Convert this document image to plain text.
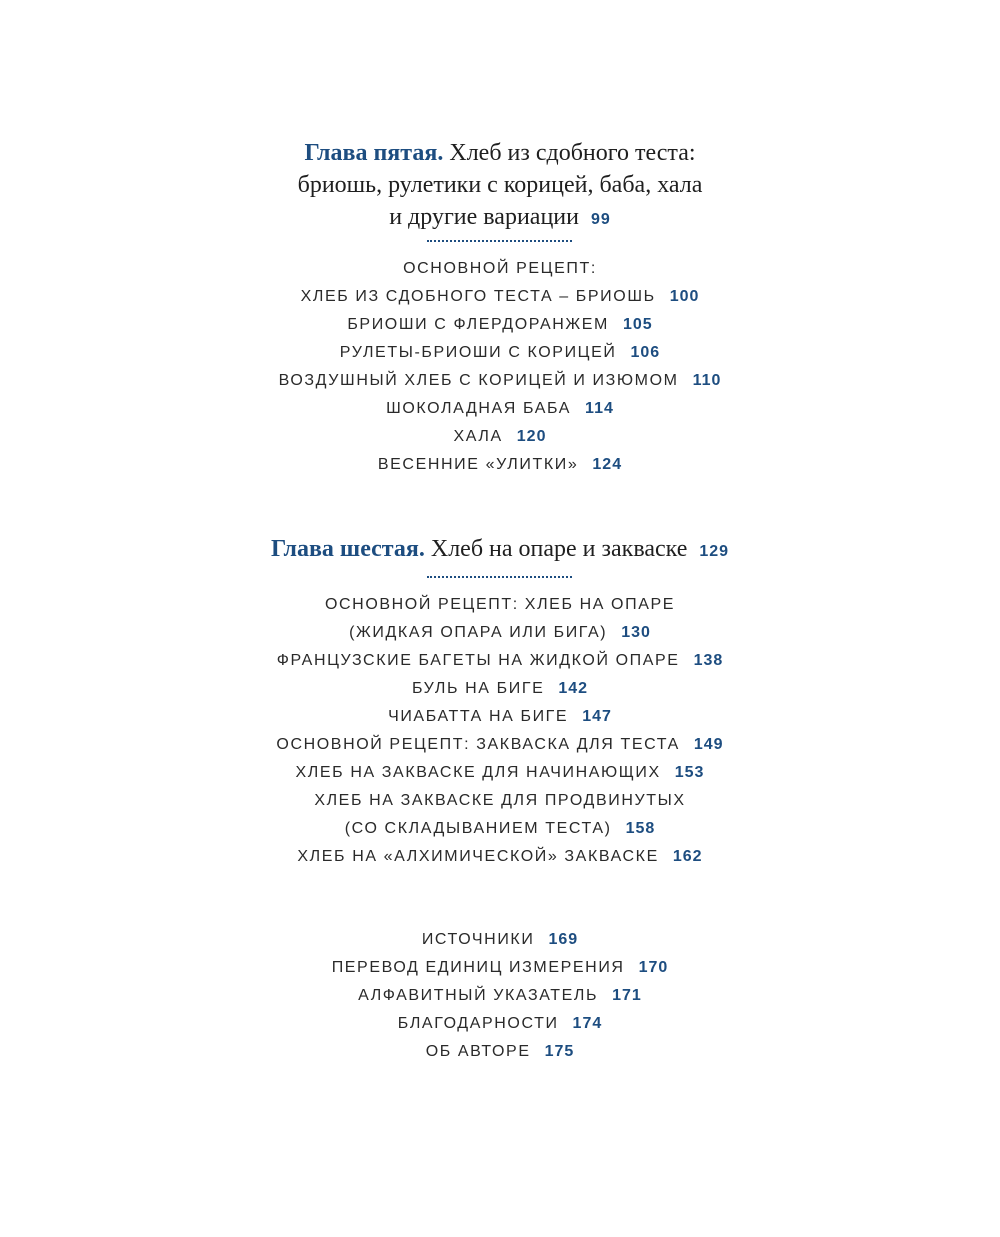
Глава пятая. Хлеб из сдобного теста:
бриошь, рулетики с корицей, баба, хала
и другие вариации 99
ОСНОВНОЙ РЕЦЕПТ:
ХЛЕБ ИЗ СДОБНОГО ТЕСТА – БРИОШЬ 100
БРИОШИ С ФЛЕРДОРАНЖЕМ 105
РУЛЕТЫ-БРИОШИ С КОРИЦЕЙ 106
ВОЗДУШНЫЙ ХЛЕБ С КОРИЦЕЙ И ИЗЮМОМ 110
ШОКОЛАДНАЯ БАБА 114
ХАЛА 120
ВЕСЕННИЕ «УЛИТКИ» 124
Глава шестая. Хлеб на опаре и закваске 129
ОСНОВНОЙ РЕЦЕПТ: ХЛЕБ НА ОПАРЕ
(ЖИДКАЯ ОПАРА ИЛИ БИГА) 130
ФРАНЦУЗСКИЕ БАГЕТЫ НА ЖИДКОЙ ОПАРЕ 138
БУЛЬ НА БИГЕ 142
ЧИАБАТТА НА БИГЕ 147
ОСНОВНОЙ РЕЦЕПТ: ЗАКВАСКА ДЛЯ ТЕСТА 149
ХЛЕБ НА ЗАКВАСКЕ ДЛЯ НАЧИНАЮЩИХ 153
ХЛЕБ НА ЗАКВАСКЕ ДЛЯ ПРОДВИНУТЫХ
(СО СКЛАДЫВАНИЕМ ТЕСТА) 158
ХЛЕБ НА «АЛХИМИЧЕСКОЙ» ЗАКВАСКЕ 162
ИСТОЧНИКИ 169
ПЕРЕВОД ЕДИНИЦ ИЗМЕРЕНИЯ 170
АЛФАВИТНЫЙ УКАЗАТЕЛЬ 171
БЛАГОДАРНОСТИ 174
ОБ АВТОРЕ 175
